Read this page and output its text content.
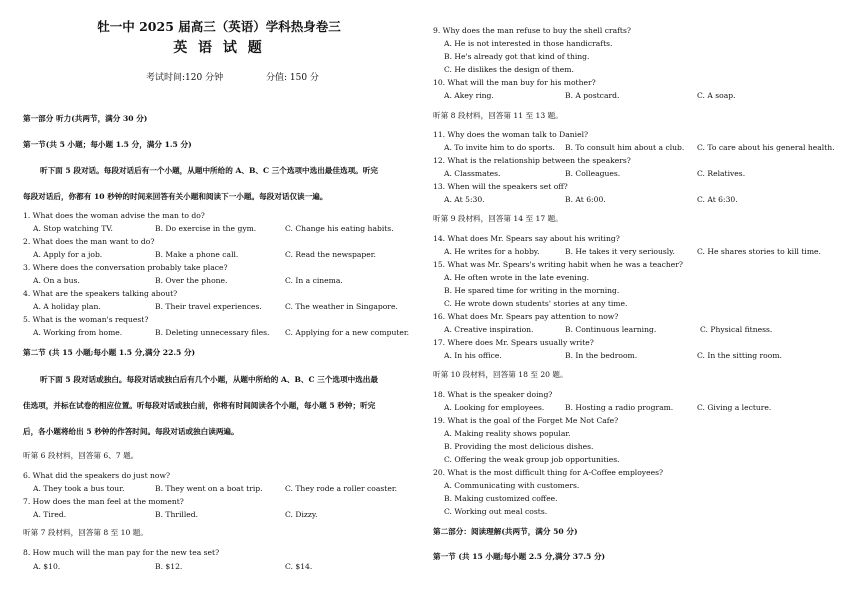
牡一中 2025 届高三（英语）学科热身卷三
英 语 试 题
考试时间:120 分钟	分值: 150 分
第一部分 听力(共两节，满分 30 分)
第一节(共 5 小题；每小题 1.5 分，满分 1.5 分)
听下面 5 段对话。每段对话后有一个小题，从题中所给的 A、B、C 三个选项中选出最佳选项。听完
每段对话后，你都有 10 秒钟的时间来回答有关小题和阅读下一小题。每段对话仅读一遍。
1. What does the woman advise the man to do?
A. Stop watching TV.	B. Do exercise in the gym.	C. Change his eating habits.
2. What does the man want to do?
A. Apply for a job.	B. Make a phone call.	C. Read the newspaper.
3. Where does the conversation probably take place?
A. On a bus.	B. Over the phone.	C. In a cinema.
4. What are the speakers talking about?
A. A holiday plan.	B. Their travel experiences.	C. The weather in Singapore.
5. What is the woman's request?
A. Working from home.	B. Deleting unnecessary files. C. Applying for a new computer.
第二节 (共 15 小题;每小题 1.5 分,满分 22.5 分)
听下面 5 段对话或独白。每段对话或独白后有几个小题，从题中所给的 A、B、C 三个选项中选出最
佳选项，并标在试卷的相应位置。听每段对话或独白前，你将有时间阅读各个小题，每小题 5 秒钟；听完
后，各小题将给出 5 秒钟的作答时间。每段对话或独白读两遍。
听第 6 段材料，回答第 6、7 题。
6. What did the speakers do just now?
A. They took a bus tour.	B. They went on a boat trip.	C. They rode a roller coaster.
7. How does the man feel at the moment?
A. Tired.	B. Thrilled.	C. Dizzy.
听第 7 段材料，回答第 8 至 10 题。
8. How much will the man pay for the new tea set?
A. $10.	B. $12.	C. $14.
9. Why does the man refuse to buy the shell crafts?
A. He is not interested in those handicrafts.
B. He's already got that kind of thing.
C. He dislikes the design of them.
10. What will the man buy for his mother?
A. Akey ring.	B. A postcard.	C. A soap.
听第 8 段材料，回答第 11 至 13 题。
11. Why does the woman talk to Daniel?
A. To invite him to do sports. B. To consult him about a club. C. To care about his general health.
12. What is the relationship between the speakers?
A. Classmates.	B. Colleagues.	C. Relatives.
13. When will the speakers set off?
A. At 5:30.	B. At 6:00.	C. At 6:30.
听第 9 段材料，回答第 14 至 17 题。
14. What does Mr. Spears say about his writing?
A. He writes for a hobby.	B. He takes it very seriously.	C. He shares stories to kill time.
15. What was Mr. Spears's writing habit when he was a teacher?
A. He often wrote in the late evening.
B. He spared time for writing in the morning.
C. He wrote down students' stories at any time.
16. What does Mr. Spears pay attention to now?
A. Creative inspiration.	B. Continuous learning.	C. Physical fitness.
17. Where does Mr. Spears usually write?
A. In his office.	B. In the bedroom.	C. In the sitting room.
听第 10 段材料，回答第 18 至 20 题。
18. What is the speaker doing?
A. Looking for employees.	B. Hosting a radio program.	C. Giving a lecture.
19. What is the goal of the Forget Me Not Cafe?
A. Making reality shows popular.
B. Providing the most delicious dishes.
C. Offering the weak group job opportunities.
20. What is the most difficult thing for A-Coffee employees?
A. Communicating with customers.
B. Making customized coffee.
C. Working out meal costs.
第二部分：阅读理解(共两节，满分 50 分)
第一节 (共 15 小题;每小题 2.5 分,满分 37.5 分)
